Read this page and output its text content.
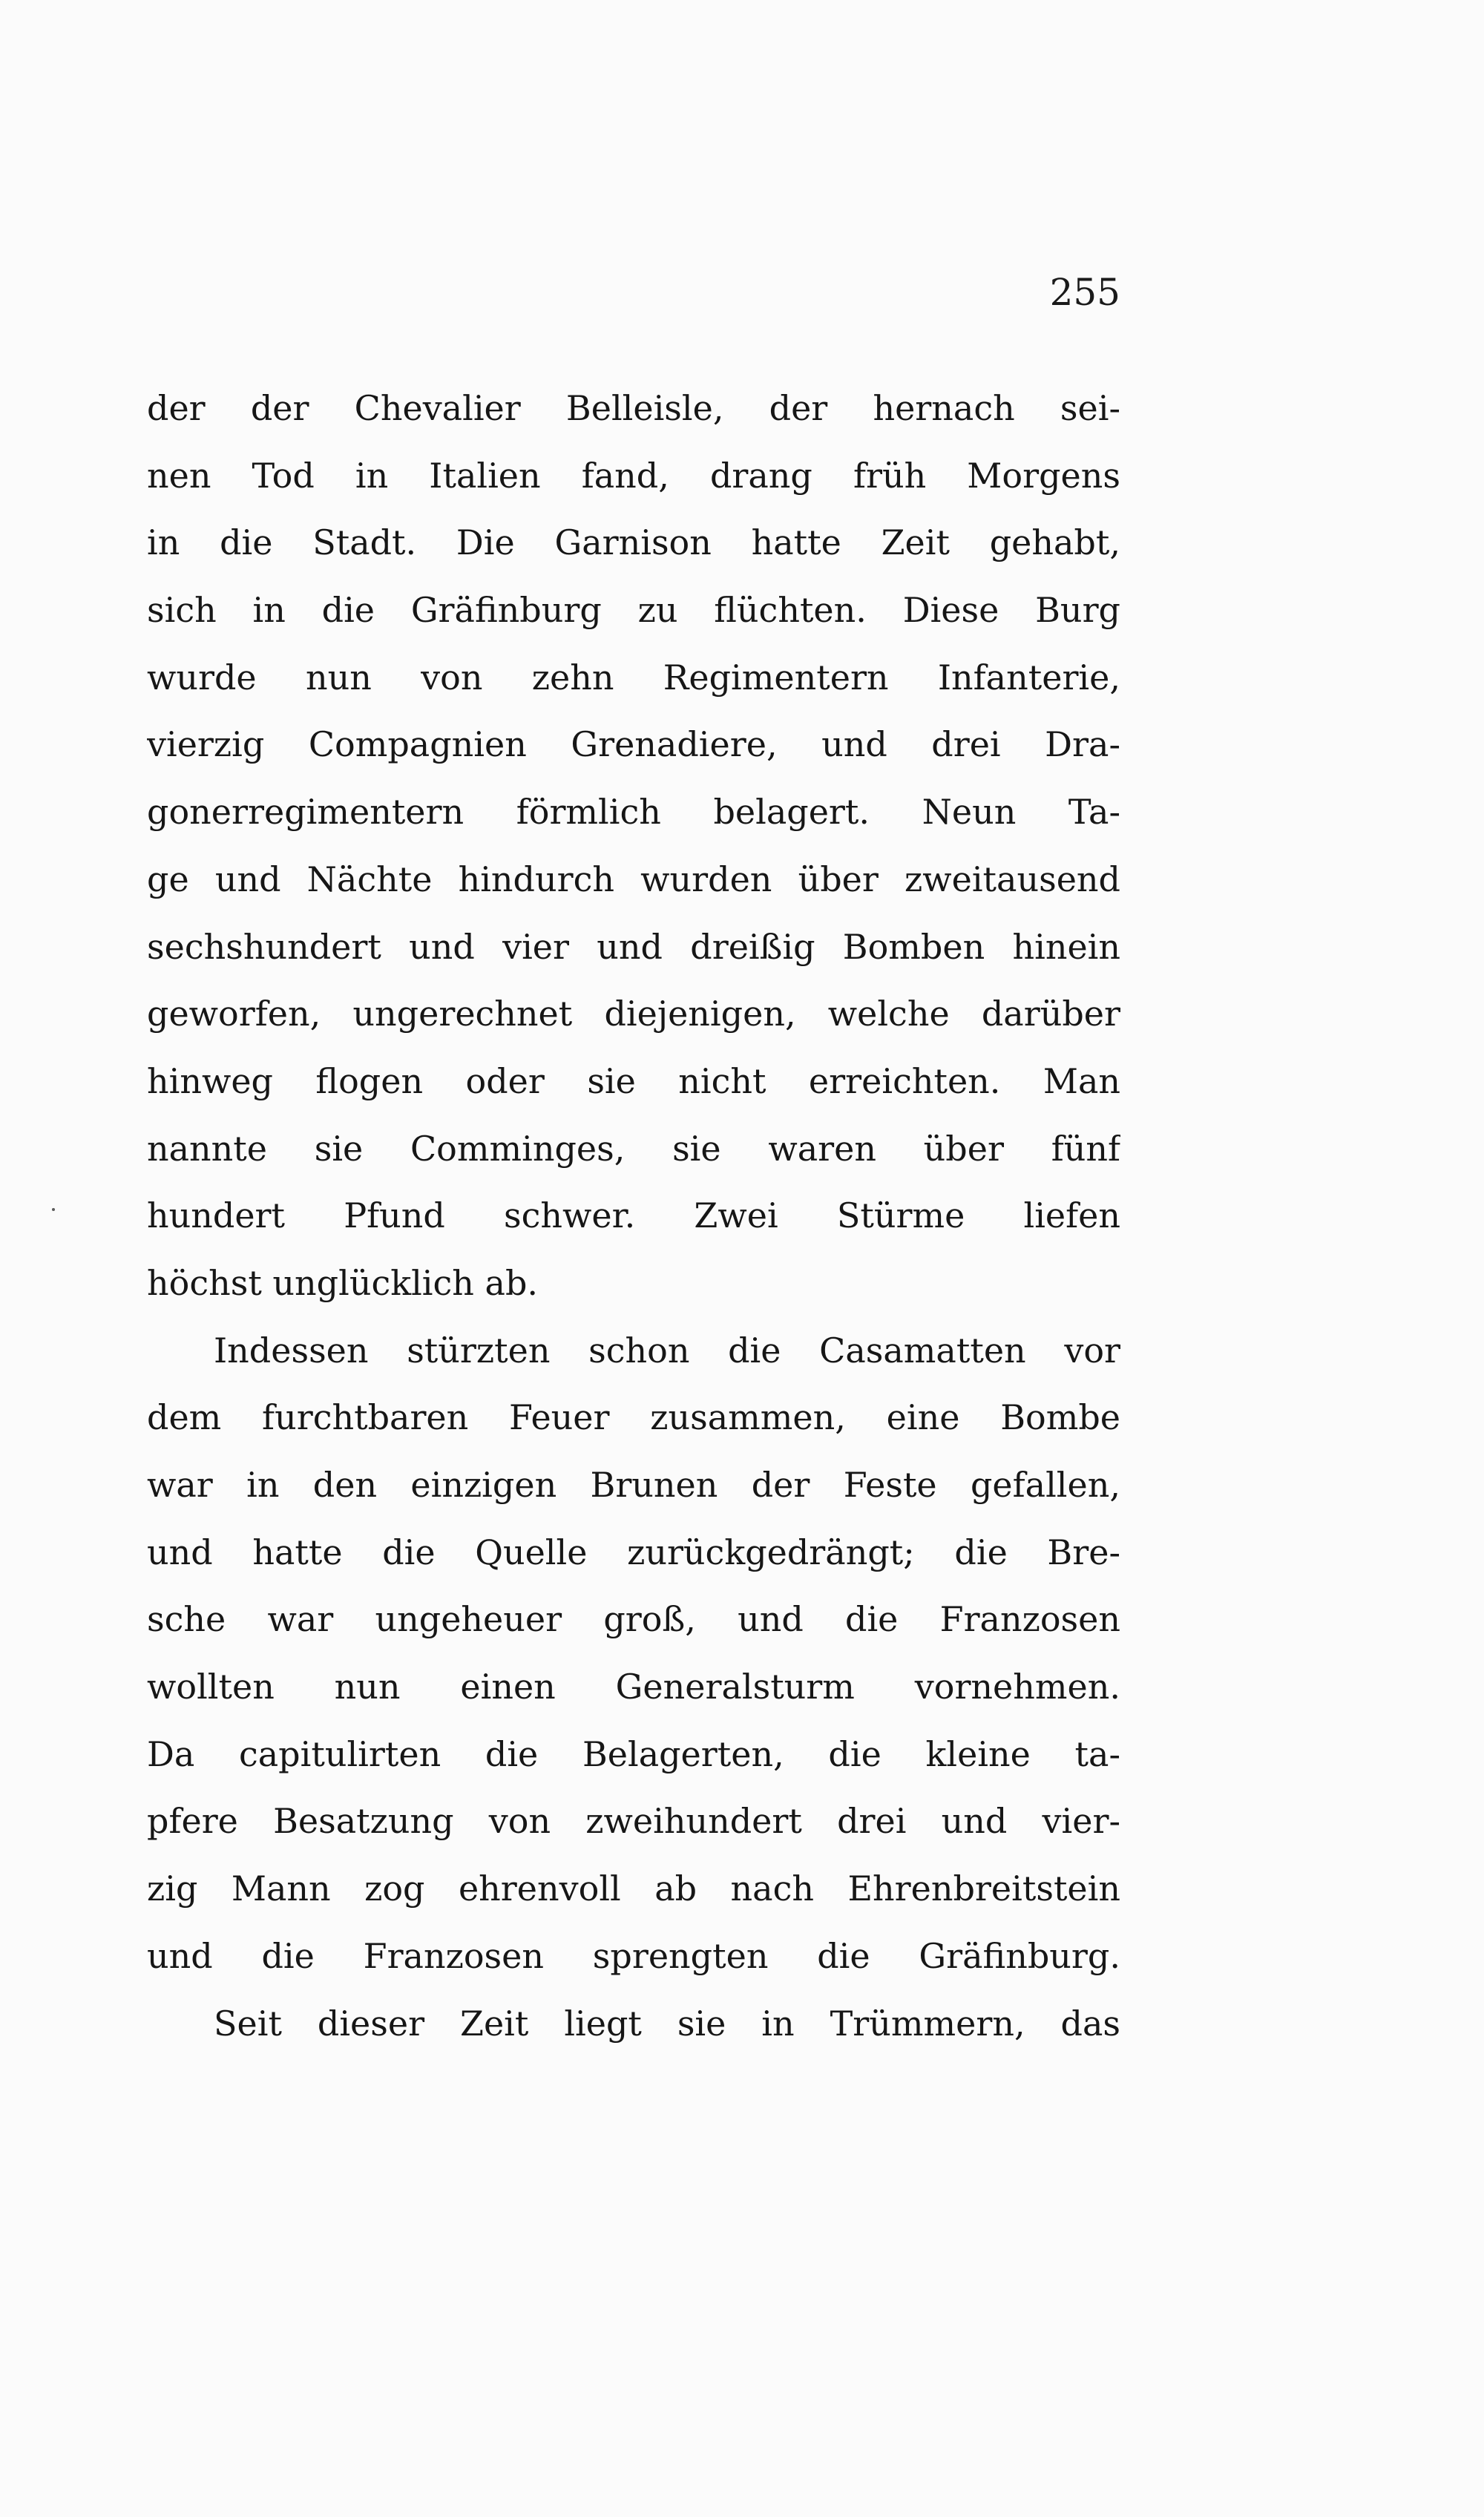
255
der der Chevalier Belleisle, der hernach sei-
nen Tod in Italien fand, drang früh Morgens
in die Stadt. Die Garnison hatte Zeit gehabt,
sich in die Gräfinburg zu flüchten. Diese Burg
wurde nun von zehn Regimentern Infanterie,
vierzig Compagnien Grenadiere, und drei Dra-
gonerregimentern förmlich belagert. Neun Ta-
ge und Nächte hindurch wurden über zweitausend
sechshundert und vier und dreißig Bomben hinein
geworfen, ungerechnet diejenigen, welche darüber
hinweg flogen oder sie nicht erreichten. Man
nannte sie Comminges, sie waren über fünf
hundert Pfund schwer. Zwei Stürme liefen
höchst unglücklich ab.
Indessen stürzten schon die Casamatten vor
dem furchtbaren Feuer zusammen, eine Bombe
war in den einzigen Brunen der Feste gefallen,
und hatte die Quelle zurückgedrängt; die Bre-
sche war ungeheuer groß, und die Franzosen
wollten nun einen Generalsturm vornehmen.
Da capitulirten die Belagerten, die kleine ta-
pfere Besatzung von zweihundert drei und vier-
zig Mann zog ehrenvoll ab nach Ehrenbreitstein
und die Franzosen sprengten die Gräfinburg.
Seit dieser Zeit liegt sie in Trümmern, das
